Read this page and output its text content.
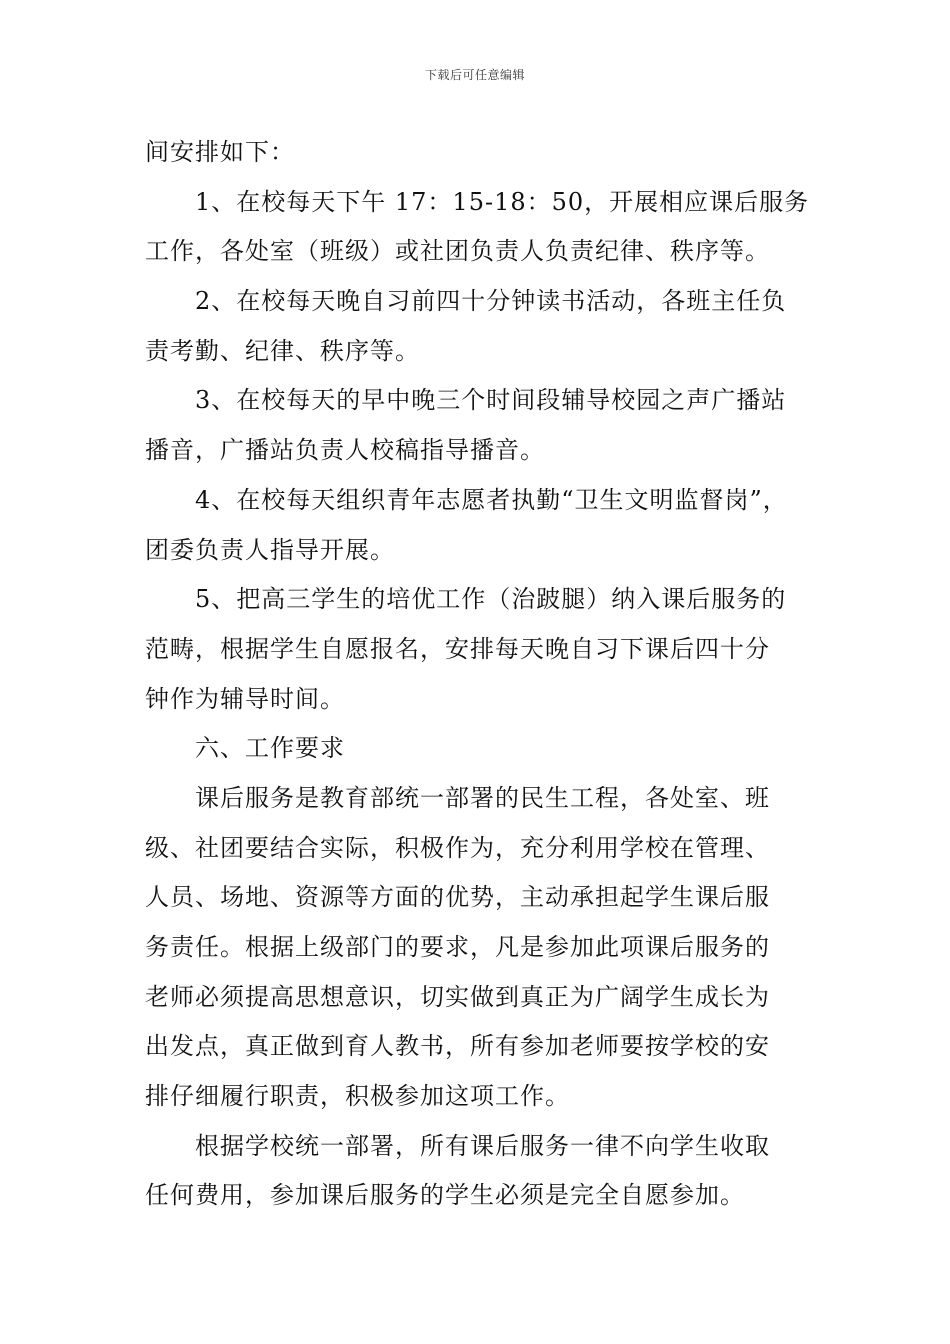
下载后可任意编辑
间安排如下：
1、在校每天下午 17：15-18：50，开展相应课后服务
工作，各处室（班级）或社团负责人负责纪律、秩序等。
2、在校每天晚自习前四十分钟读书活动，各班主任负
责考勤、纪律、秩序等。
3、在校每天的早中晚三个时间段辅导校园之声广播站
播音，广播站负责人校稿指导播音。
4、在校每天组织青年志愿者执勤“卫生文明监督岗”，
团委负责人指导开展。
5、把高三学生的培优工作（治跛腿）纳入课后服务的
范畴，根据学生自愿报名，安排每天晚自习下课后四十分
钟作为辅导时间。
六、工作要求
课后服务是教育部统一部署的民生工程，各处室、班
级、社团要结合实际，积极作为，充分利用学校在管理、
人员、场地、资源等方面的优势，主动承担起学生课后服
务责任。根据上级部门的要求，凡是参加此项课后服务的
老师必须提高思想意识，切实做到真正为广阔学生成长为
出发点，真正做到育人教书，所有参加老师要按学校的安
排仔细履行职责，积极参加这项工作。
根据学校统一部署，所有课后服务一律不向学生收取
任何费用，参加课后服务的学生必须是完全自愿参加。
